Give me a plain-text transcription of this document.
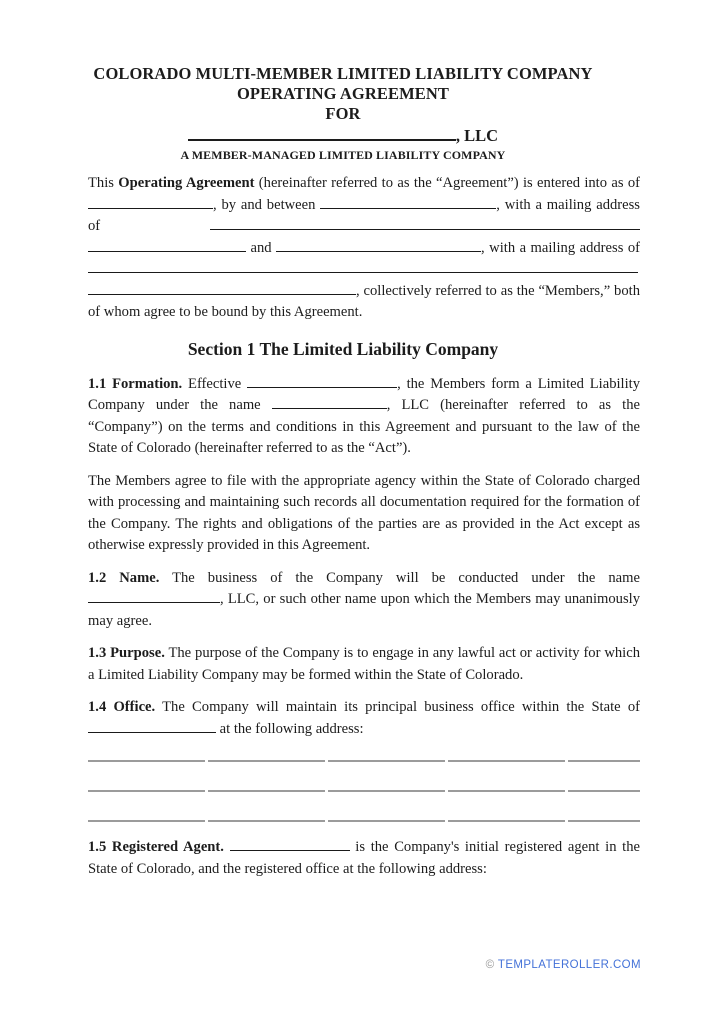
COLORADO MULTI-MEMBER LIMITED LIABILITY COMPANY
OPERATING AGREEMENT
FOR
, LLC
A MEMBER-MANAGED LIMITED LIABILITY COMPANY

This Operating Agreement (hereinafter referred to as the “Agreement”) is entered into as of , by and between	, with a mailing address of   and	, with a mailing address of  , collectively referred to as the “Members,” both of whom agree to be bound by this Agreement.

Section 1 The Limited Liability Company

1.1 Formation. Effective	, the Members form a Limited Liability Company under the name	, LLC (hereinafter referred to as the “Company”) on the terms and conditions in this Agreement and pursuant to the law of the State of Colorado (hereinafter referred to as the “Act”).

The Members agree to file with the appropriate agency within the State of Colorado charged with processing and maintaining such records all documentation required for the formation of the Company. The rights and obligations of the parties are as provided in the Act except as otherwise expressly provided in this Agreement.

1.2 Name. The business of the Company will be conducted under the name , LLC, or such other name upon which the Members may unanimously may agree.

1.3 Purpose. The purpose of the Company is to engage in any lawful act or activity for which a Limited Liability Company may be formed within the State of Colorado.

1.4 Office. The Company will maintain its principal business office within the State of  at the following address:

1.5 Registered Agent.	is the Company's initial registered agent in the State of Colorado, and the registered office at the following address:

© TEMPLATEROLLER.COM
